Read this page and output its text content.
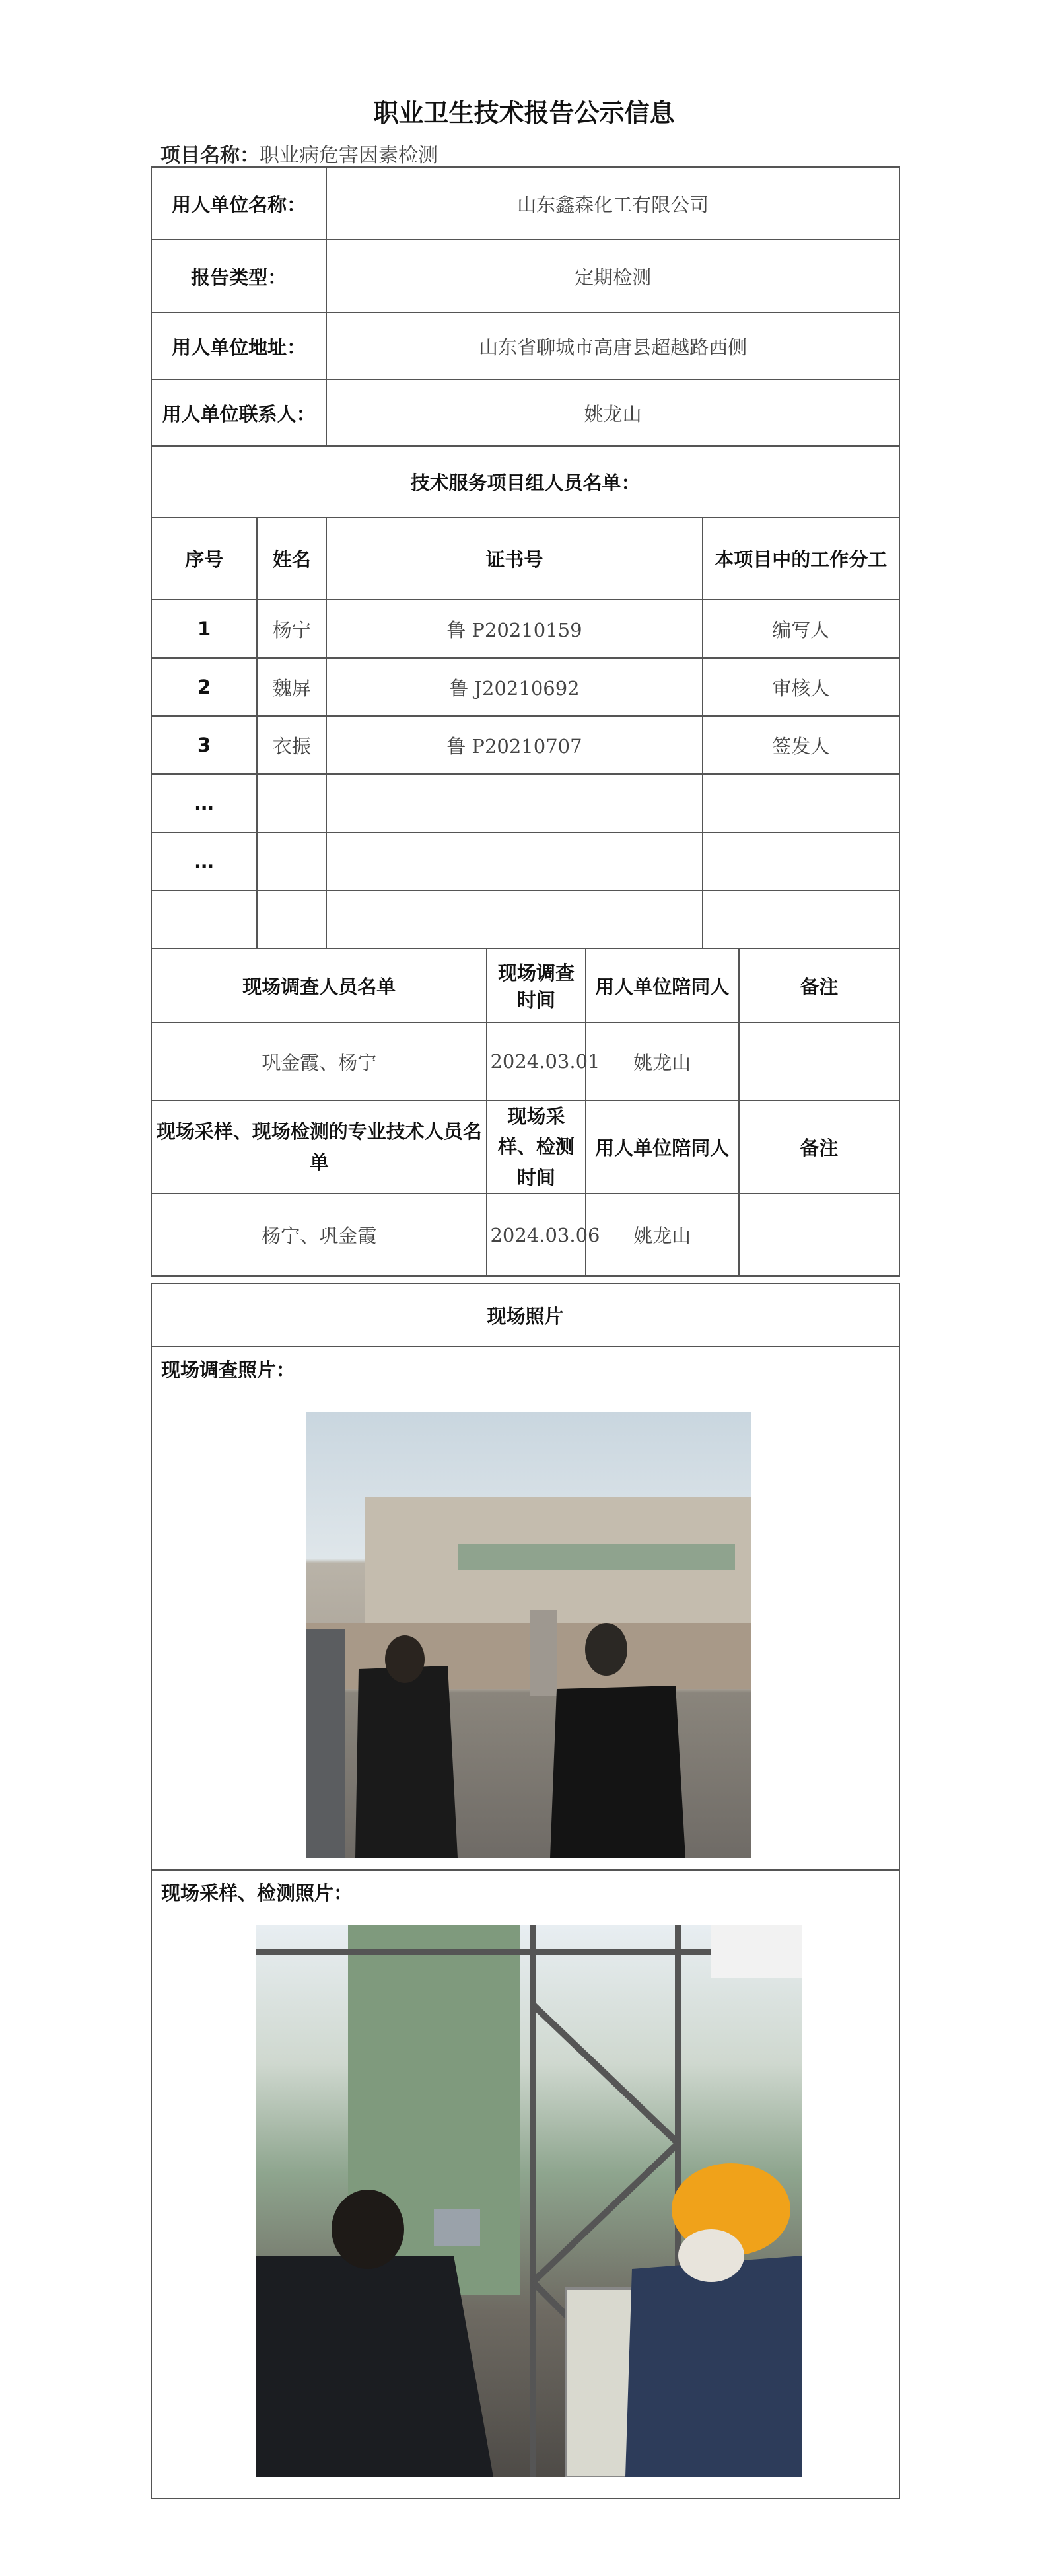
职业卫生技术报告公示信息
项目名称：职业病危害因素检测
用人单位名称：		山东鑫森化工有限公司				
报告类型：		定期检测				
用人单位地址：		山东省聊城市高唐县超越路西侧				
用人单位联系人：		姚龙山				
技术服务项目组人员名单：						
序号	姓名	证书号			本项目中的工作分工	
1	杨宁	鲁 P20210159			编写人	
2	魏屏	鲁 J20210692			审核人	
3	衣振	鲁 P20210707			签发人	
…						
…						

现场调查人员名单			现场调查时间	用人单位陪同人		备注
巩金霞、杨宁			2024.03.01	姚龙山		
现场采样、现场检测的专业技术人员名单			现场采样、检测时间	用人单位陪同人		备注
杨宁、巩金霞			2024.03.06	姚龙山		
现场照片

现场调查照片：

现场采样、检测照片：
